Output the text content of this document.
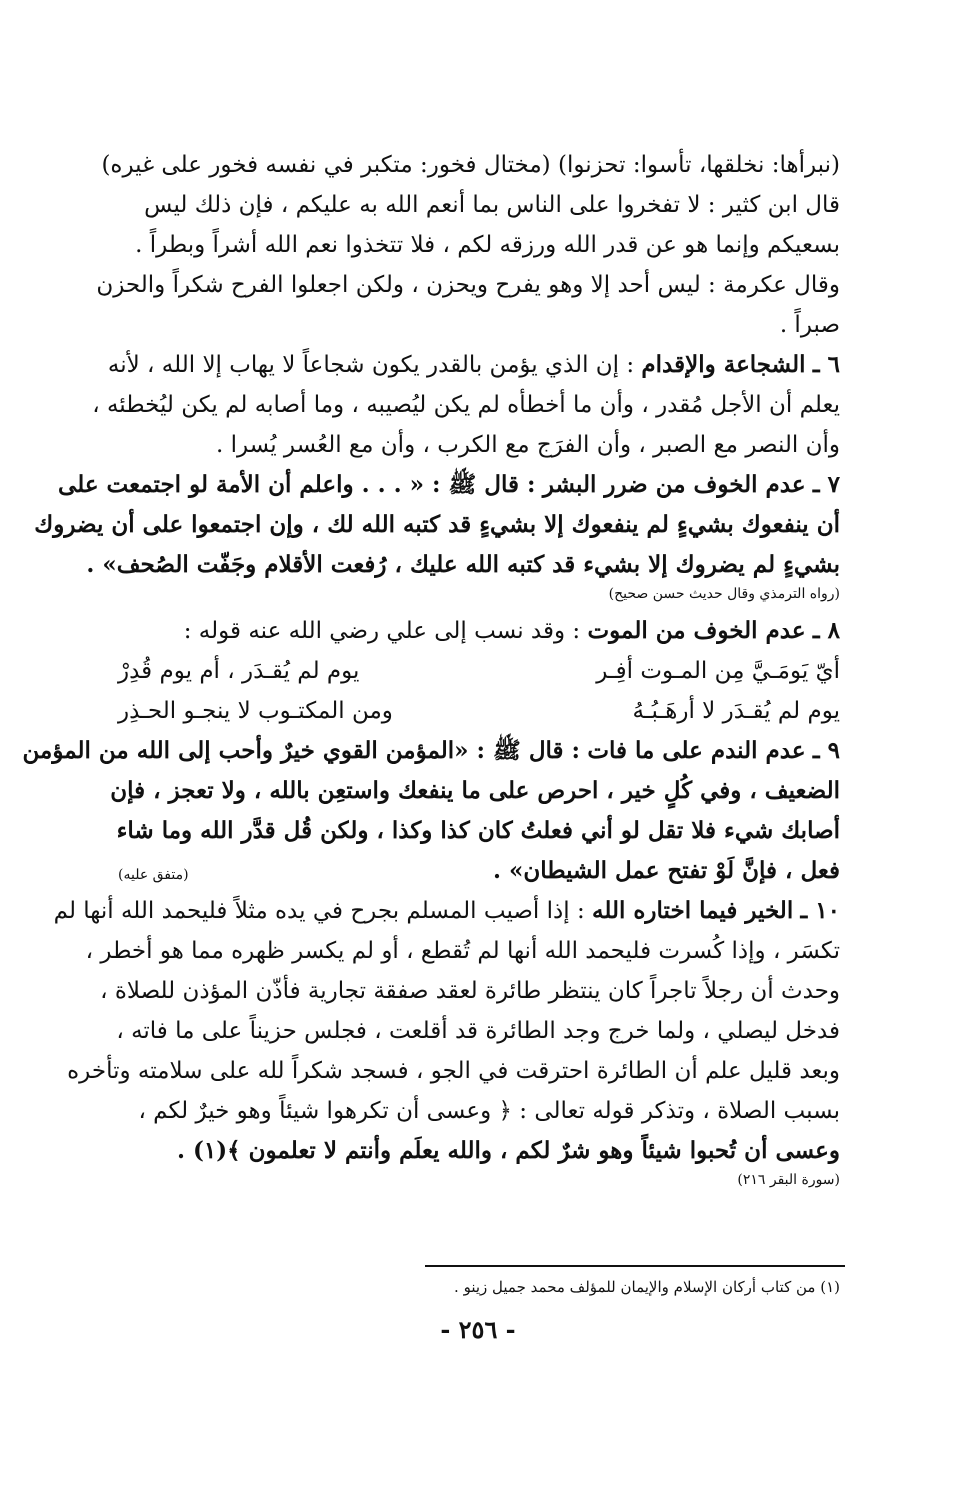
(نبرأها: نخلقها، تأسوا: تحزنوا) (مختال فخور: متكبر في نفسه فخور على غيره)
قال ابن كثير : لا تفخروا على الناس بما أنعم الله به عليكم ، فإن ذلك ليس
بسعيكم وإنما هو عن قدر الله ورزقه لكم ، فلا تتخذوا نعم الله أشراً وبطراً .
وقال عكرمة : ليس أحد إلا وهو يفرح ويحزن ، ولكن اجعلوا الفرح شكراً والحزن
صبراً .
٦ ـ الشجاعة والإقدام : إن الذي يؤمن بالقدر يكون شجاعاً لا يهاب إلا الله ، لأنه
يعلم أن الأجل مُقدر ، وأن ما أخطأه لم يكن ليُصيبه ، وما أصابه لم يكن ليُخطئه ،
وأن النصر مع الصبر ، وأن الفرَج مع الكرب ، وأن مع العُسر يُسرا .
٧ ـ عدم الخوف من ضرر البشر : قال ﷺ : « . . . واعلم أن الأمة لو اجتمعت على
أن ينفعوك بشيءٍ لم ينفعوك إلا بشيءٍ قد كتبه الله لك ، وإن اجتمعوا على أن يضروك
بشيءٍ لم يضروك إلا بشيء قد كتبه الله عليك ، رُفعت الأقلام وجَفّت الصُحف» .
(رواه الترمذي وقال حديث حسن صحيح)
٨ ـ عدم الخوف من الموت : وقد نسب إلى علي رضي الله عنه قوله :
أيّ يَومَـيَّ مِن المـوت أفِـر
يوم لم يُقـدَر ، أم يوم قُدِرْ
يوم لم يُقـدَر لا أرهَـبُـهُ
ومن المكتـوب لا ينجـو الحـذِر
٩ ـ عدم الندم على ما فات : قال ﷺ : «المؤمن القوي خيرٌ وأحب إلى الله من المؤمن
الضعيف ، وفي كُلٍ خير ، احرص على ما ينفعك واستعِن بالله ، ولا تعجز ، فإن
أصابك شيء فلا تقل لو أني فعلتُ كان كذا وكذا ، ولكن قُل قدَّر الله وما شاء
فعل ، فإنَّ لَوْ تفتح عمل الشيطان» .
(متفق عليه)
١٠ ـ الخير فيما اختاره الله : إذا أصيب المسلم بجرح في يده مثلاً فليحمد الله أنها لم
تكسَر ، وإذا كُسرت فليحمد الله أنها لم تُقطع ، أو لم يكسر ظهره مما هو أخطر ،
وحدث أن رجلاً تاجراً كان ينتظر طائرة لعقد صفقة تجارية فأذّن المؤذن للصلاة ،
فدخل ليصلي ، ولما خرج وجد الطائرة قد أقلعت ، فجلس حزيناً على ما فاته ،
وبعد قليل علم أن الطائرة احترقت في الجو ، فسجد شكراً لله على سلامته وتأخره
بسبب الصلاة ، وتذكر قوله تعالى : ﴿ وعسى أن تكرهوا شيئاً وهو خيرٌ لكم ،
وعسى أن تُحبوا شيئاً وهو شرٌ لكم ، والله يعلَم وأنتم لا تعلمون ﴾(١) .
(سورة البقر ٢١٦)
(١) من كتاب أركان الإسلام والإيمان للمؤلف محمد جميل زينو .
- ٢٥٦ -
